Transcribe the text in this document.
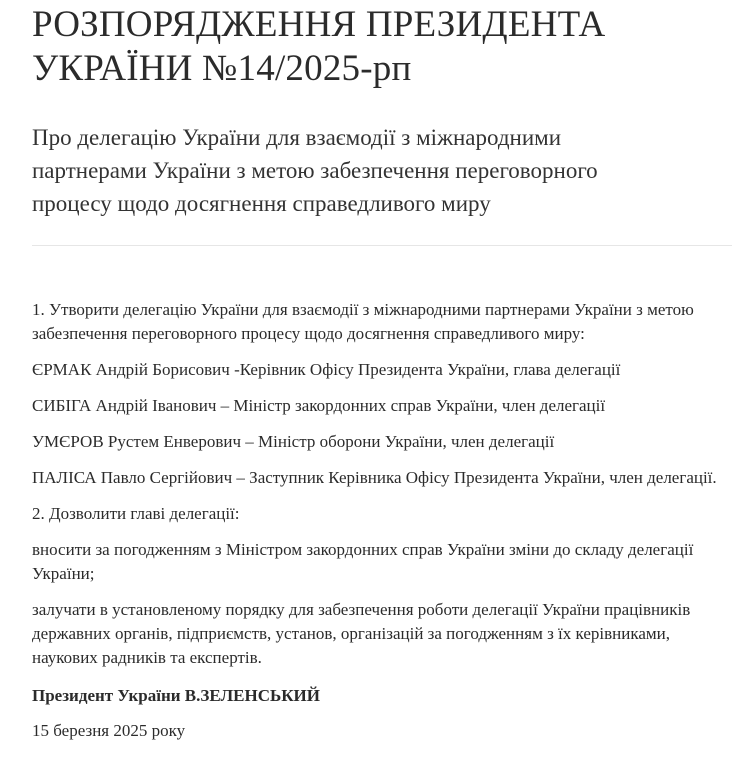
РОЗПОРЯДЖЕННЯ ПРЕЗИДЕНТА
УКРАЇНИ №14/2025-рп

Про делегацію України для взаємодії з міжнародними партнерами України з метою забезпечення переговорного процесу щодо досягнення справедливого миру

1. Утворити делегацію України для взаємодії з міжнародними партнерами України з метою забезпечення переговорного процесу щодо досягнення справедливого миру:

ЄРМАК Андрій Борисович -Керівник Офісу Президента України, глава делегації

СИБІГА Андрій Іванович – Міністр закордонних справ України, член делегації

УМЄРОВ Рустем Енверович – Міністр оборони України, член делегації

ПАЛІСА Павло Сергійович – Заступник Керівника Офісу Президента України, член делегації.

2. Дозволити главі делегації:

вносити за погодженням з Міністром закордонних справ України зміни до складу делегації України;

залучати в установленому порядку для забезпечення роботи делегації України працівників державних органів, підприємств, установ, організацій за погодженням з їх керівниками, наукових радників та експертів.

Президент України В.ЗЕЛЕНСЬКИЙ

15 березня 2025 року
